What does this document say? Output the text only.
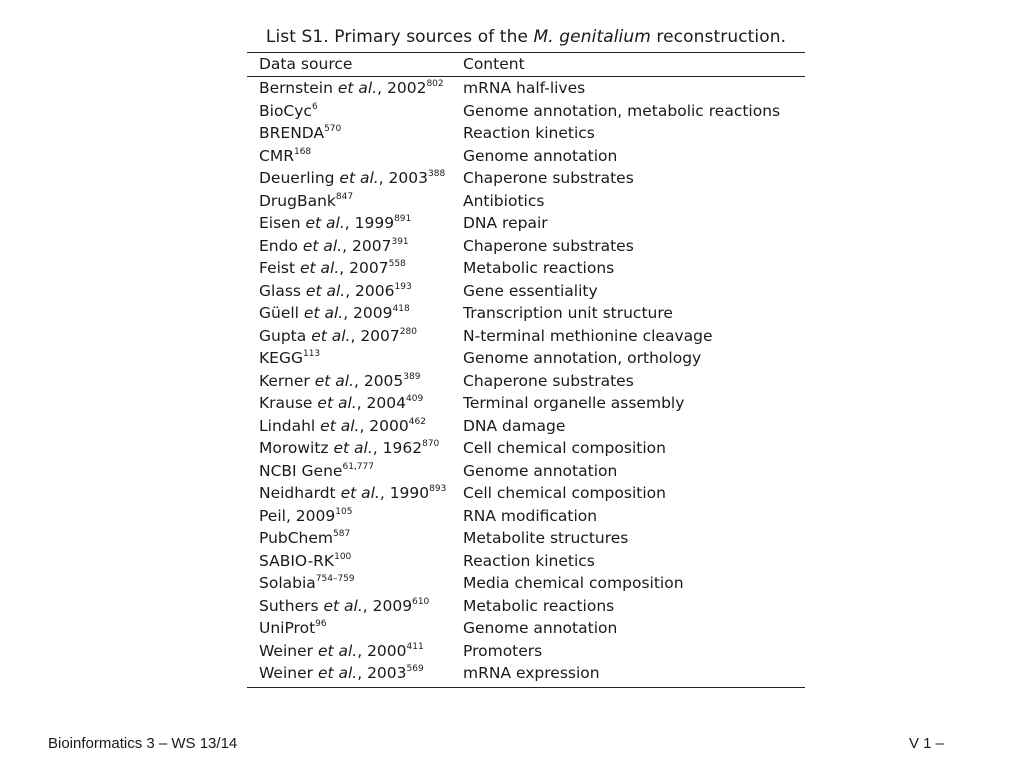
List S1. Primary sources of the M. genitalium reconstruction.
Data source	Content
Bernstein et al., 2002$^{802}$	mRNA half-lives
BioCyc$^6$	Genome annotation, metabolic reactions
BRENDA$^{570}$	Reaction kinetics
CMR$^{168}$	Genome annotation
Deuerling et al., 2003$^{388}$	Chaperone substrates
DrugBank$^{847}$	Antibiotics
Eisen et al., 1999$^{891}$	DNA repair
Endo et al., 2007$^{391}$	Chaperone substrates
Feist et al., 2007$^{558}$	Metabolic reactions
Glass et al., 2006$^{193}$	Gene essentiality
Güell et al., 2009$^{418}$	Transcription unit structure
Gupta et al., 2007$^{280}$	N-terminal methionine cleavage
KEGG$^{113}$	Genome annotation, orthology
Kerner et al., 2005$^{389}$	Chaperone substrates
Krause et al., 2004$^{409}$	Terminal organelle assembly
Lindahl et al., 2000$^{462}$	DNA damage
Morowitz et al., 1962$^{870}$	Cell chemical composition
NCBI Gene$^{61,777}$	Genome annotation
Neidhardt et al., 1990$^{893}$	Cell chemical composition
Peil, 2009$^{105}$	RNA modification
PubChem$^{587}$	Metabolite structures
SABIO-RK$^{100}$	Reaction kinetics
Solabia$^{754-759}$	Media chemical composition
Suthers et al., 2009$^{610}$	Metabolic reactions
UniProt$^{96}$	Genome annotation
Weiner et al., 2000$^{411}$	Promoters
Weiner et al., 2003$^{569}$	mRNA expression
Bioinformatics 3 – WS 13/14	V 1 –
